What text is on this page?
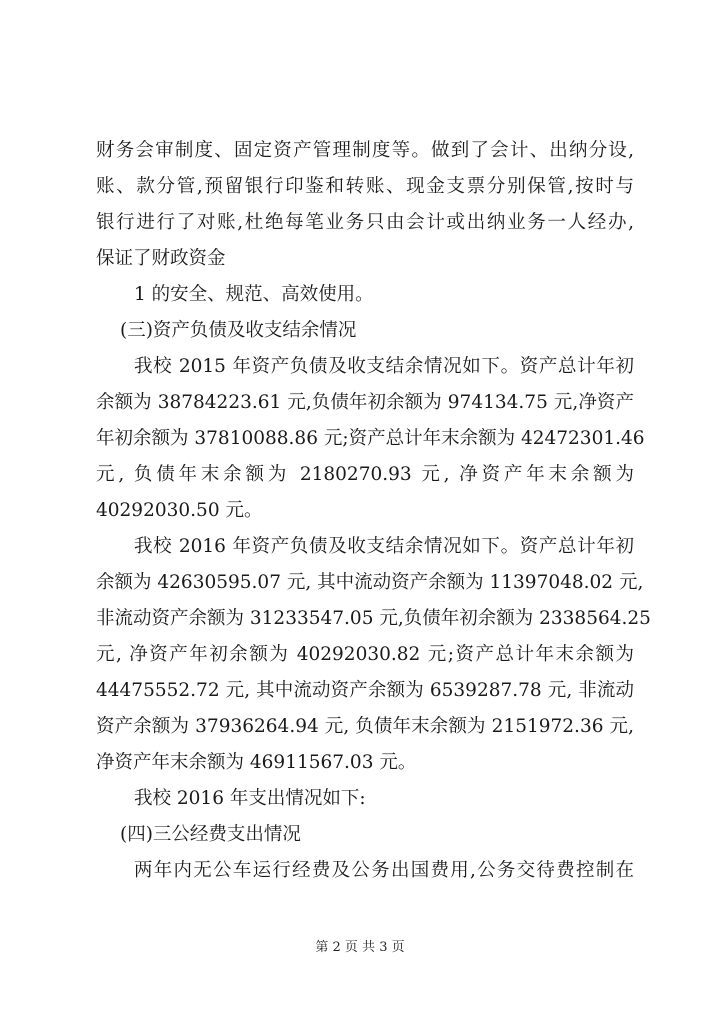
财务会审制度、固定资产管理制度等。做到了会计、出纳分设,
账、款分管,预留银行印鉴和转账、现金支票分别保管,按时与
银行进行了对账,杜绝每笔业务只由会计或出纳业务一人经办,
保证了财政资金
1 的安全、规范、高效使用。
(三)资产负债及收支结余情况
我校 2015 年资产负债及收支结余情况如下。资产总计年初
余额为 38784223.61 元,负债年初余额为 974134.75 元,净资产
年初余额为 37810088.86 元;资产总计年末余额为 42472301.46
元, 负债年末余额为 2180270.93 元, 净资产年末余额为
40292030.50 元。
我校 2016 年资产负债及收支结余情况如下。资产总计年初
余额为 42630595.07 元, 其中流动资产余额为 11397048.02 元,
非流动资产余额为 31233547.05 元,负债年初余额为 2338564.25
元, 净资产年初余额为 40292030.82 元;资产总计年末余额为
44475552.72 元, 其中流动资产余额为 6539287.78 元, 非流动
资产余额为 37936264.94 元, 负债年末余额为 2151972.36 元,
净资产年末余额为 46911567.03 元。
我校 2016 年支出情况如下:
(四)三公经费支出情况
两年内无公车运行经费及公务出国费用,公务交待费控制在
第 2 页 共 3 页
